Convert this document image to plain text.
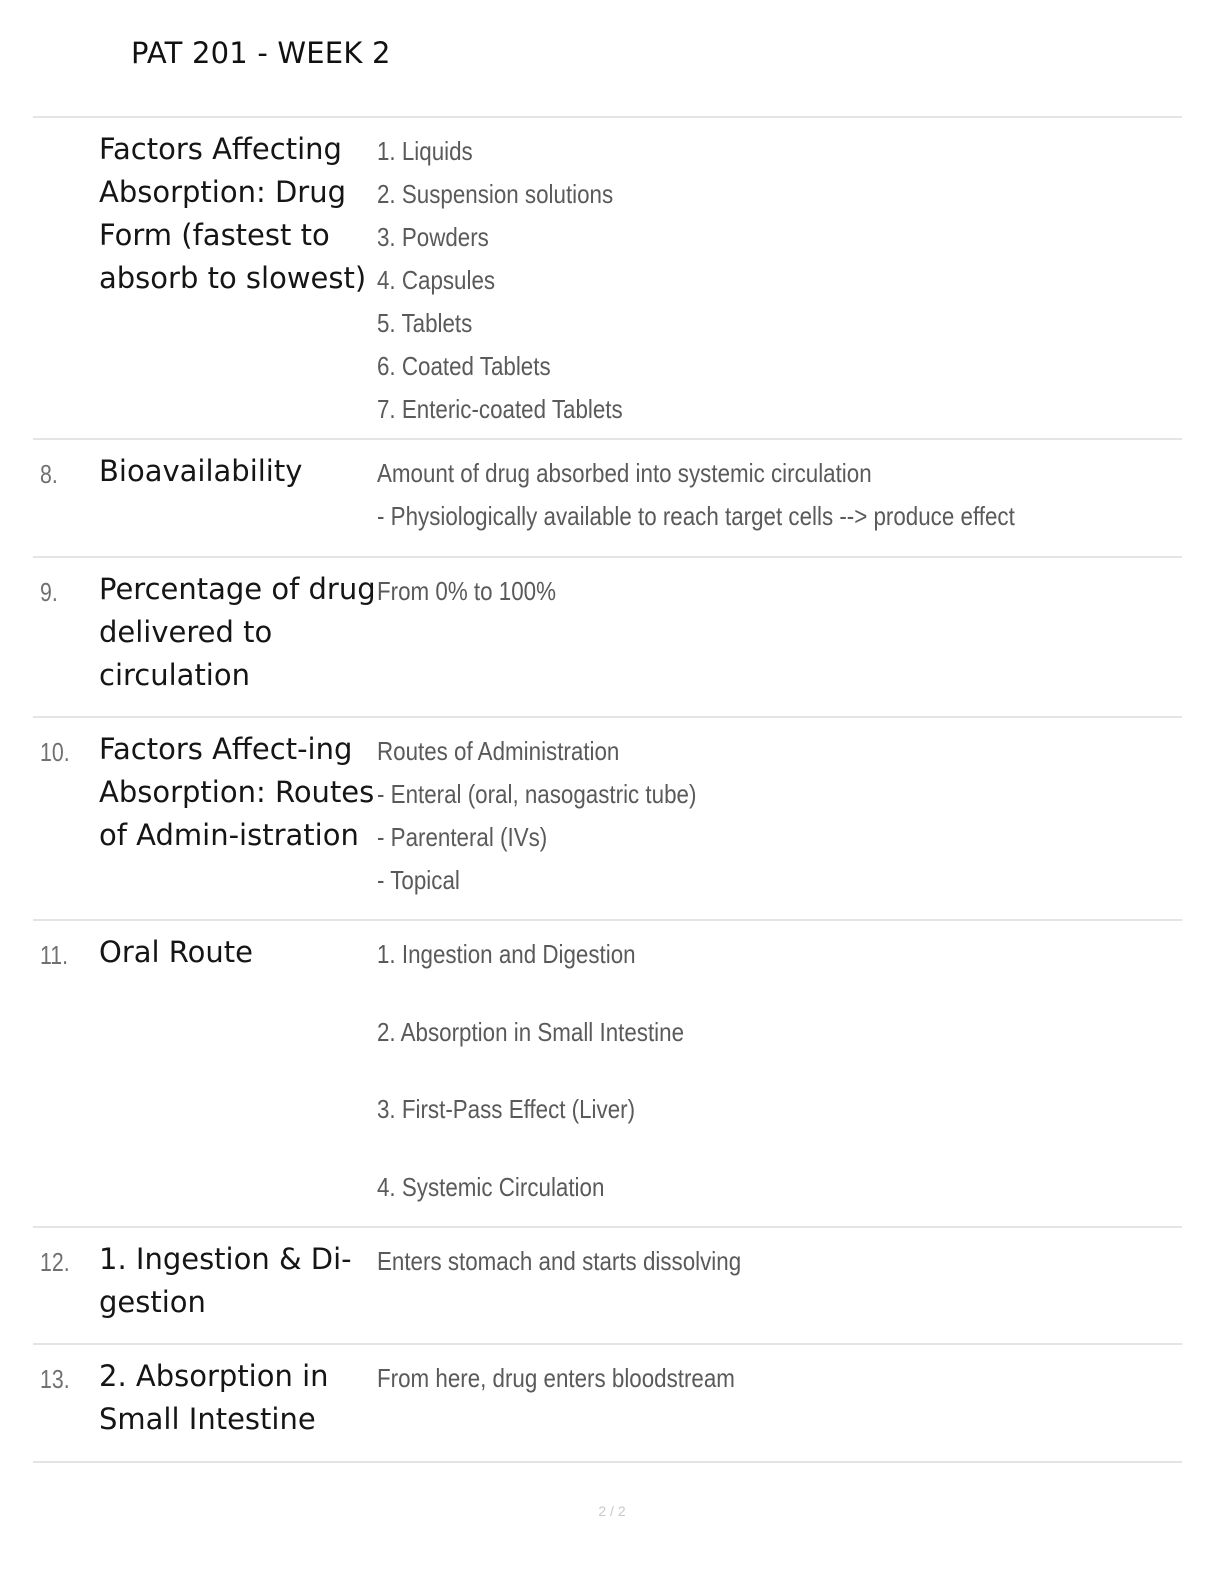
PAT 201 - WEEK 2
Factors Affecting Absorption: Drug Form (fastest to absorb to slowest)
1. Liquids
2. Suspension solutions
3. Powders
4. Capsules
5. Tablets
6. Coated Tablets
7. Enteric-coated Tablets
8. Bioavailability	Amount of drug absorbed into systemic circulation
- Physiologically available to reach target cells --> produce effect
9. Percentage of drug delivered to circulation
From 0% to 100%
10. Factors Affect-ing Absorption: Routes of Admin-istration
Routes of Administration
- Enteral (oral, nasogastric tube)
- Parenteral (IVs)
- Topical
11. Oral Route	1. Ingestion and Digestion
2. Absorption in Small Intestine
3. First-Pass Effect (Liver)
4. Systemic Circulation
12. 1. Ingestion & Di-gestion
Enters stomach and starts dissolving
13. 2. Absorption in Small Intestine
From here, drug enters bloodstream
2 / 2
